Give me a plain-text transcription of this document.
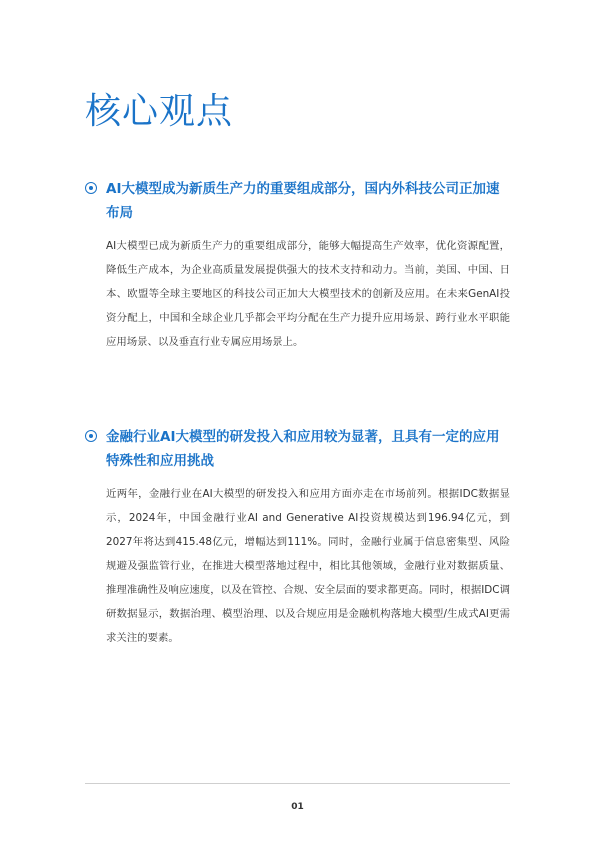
核心观点
AI大模型成为新质生产力的重要组成部分，国内外科技公司正加速布局

AI大模型已成为新质生产力的重要组成部分，能够大幅提高生产效率，优化资源配置，降低生产成本，为企业高质量发展提供强大的技术支持和动力。当前，美国、中国、日本、欧盟等全球主要地区的科技公司正加大大模型技术的创新及应用。在未来GenAI投资分配上，中国和全球企业几乎都会平均分配在生产力提升应用场景、跨行业水平职能应用场景、以及垂直行业专属应用场景上。

金融行业AI大模型的研发投入和应用较为显著，且具有一定的应用特殊性和应用挑战

近两年，金融行业在AI大模型的研发投入和应用方面亦走在市场前列。根据IDC数据显示，2024年，中国金融行业AI and Generative AI投资规模达到196.94亿元，到2027年将达到415.48亿元，增幅达到111%。同时，金融行业属于信息密集型、风险规避及强监管行业，在推进大模型落地过程中，相比其他领域，金融行业对数据质量、推理准确性及响应速度，以及在管控、合规、安全层面的要求都更高。同时，根据IDC调研数据显示，数据治理、模型治理、以及合规应用是金融机构落地大模型/生成式AI更需求关注的要素。

01
